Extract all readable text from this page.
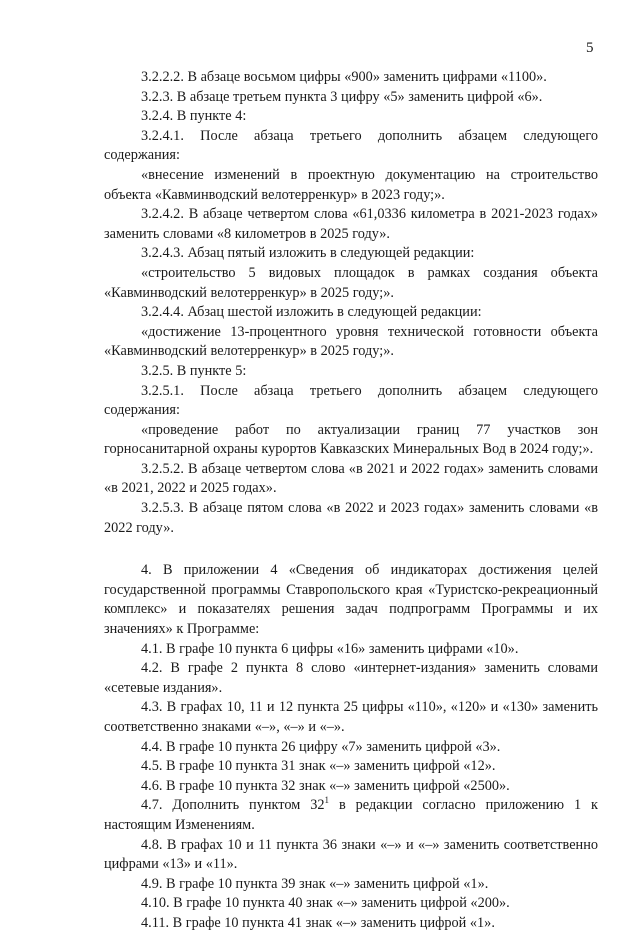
5

3.2.2.2. В абзаце восьмом цифры «900» заменить цифрами «1100».

3.2.3. В абзаце третьем пункта 3 цифру «5» заменить цифрой «6».

3.2.4. В пункте 4:

3.2.4.1. После абзаца третьего дополнить абзацем следующего содержания:

«внесение изменений в проектную документацию на строительство объекта «Кавминводский велотерренкур» в 2023 году;».

3.2.4.2. В абзаце четвертом слова «61,0336 километра в 2021-2023 годах» заменить словами «8 километров в 2025 году».

3.2.4.3. Абзац пятый изложить в следующей редакции:

«строительство 5 видовых площадок в рамках создания объекта «Кавминводский велотерренкур» в 2025 году;».

3.2.4.4. Абзац шестой изложить в следующей редакции:

«достижение 13-процентного уровня технической готовности объекта «Кавминводский велотерренкур» в 2025 году;».

3.2.5. В пункте 5:

3.2.5.1. После абзаца третьего дополнить абзацем следующего содержания:

«проведение работ по актуализации границ 77 участков зон горносанитарной охраны курортов Кавказских Минеральных Вод в 2024 году;».

3.2.5.2. В абзаце четвертом слова «в 2021 и 2022 годах» заменить словами «в 2021, 2022 и 2025 годах».

3.2.5.3. В абзаце пятом слова «в 2022 и 2023 годах» заменить словами «в 2022 году».

4. В приложении 4 «Сведения об индикаторах достижения целей государственной программы Ставропольского края «Туристско-рекреационный комплекс» и показателях решения задач подпрограмм Программы и их значениях» к Программе:

4.1. В графе 10 пункта 6 цифры «16» заменить цифрами «10».

4.2. В графе 2 пункта 8 слово «интернет-издания» заменить словами «сетевые издания».

4.3. В графах 10, 11 и 12 пункта 25 цифры «110», «120» и «130» заменить соответственно знаками «–», «–» и «–».

4.4. В графе 10 пункта 26 цифру «7» заменить цифрой «3».

4.5. В графе 10 пункта 31 знак «–» заменить цифрой «12».

4.6. В графе 10 пункта 32 знак «–» заменить цифрой «2500».

4.7. Дополнить пунктом $32^1$ в редакции согласно приложению 1 к настоящим Изменениям.

4.8. В графах 10 и 11 пункта 36 знаки «–» и «–» заменить соответственно цифрами «13» и «11».

4.9. В графе 10 пункта 39 знак «–» заменить цифрой «1».

4.10. В графе 10 пункта 40 знак «–» заменить цифрой «200».

4.11. В графе 10 пункта 41 знак «–» заменить цифрой «1».
